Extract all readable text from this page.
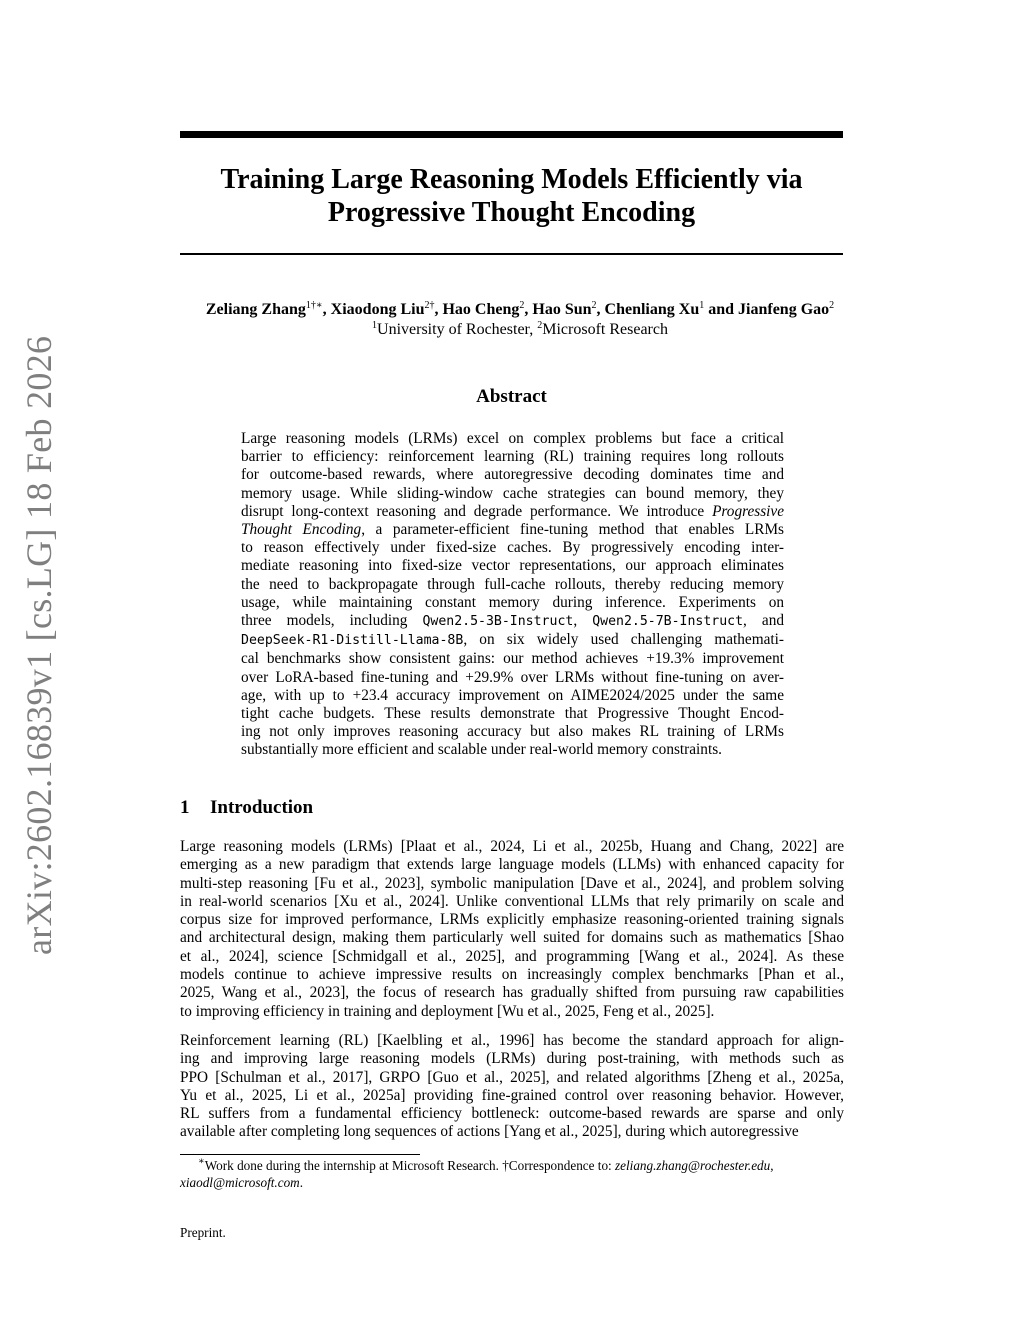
arXiv:2602.16839v1 [cs.LG] 18 Feb 2026
Training Large Reasoning Models Efficiently via
Progressive Thought Encoding
Zeliang Zhang$^{1\dagger∗}$, Xiaodong Liu$^{2\dagger}$, Hao Cheng$^2$, Hao Sun$^2$, Chenliang Xu$^1$ and Jianfeng Gao$^2$
$^1$University of Rochester, $^2$Microsoft Research
Abstract
Large reasoning models (LRMs) excel on complex problems but face a critical
barrier to efficiency: reinforcement learning (RL) training requires long rollouts
for outcome-based rewards, where autoregressive decoding dominates time and
memory usage. While sliding-window cache strategies can bound memory, they
disrupt long-context reasoning and degrade performance. We introduce Progressive
Thought Encoding, a parameter-efficient fine-tuning method that enables LRMs
to reason effectively under fixed-size caches. By progressively encoding inter-
mediate reasoning into fixed-size vector representations, our approach eliminates
the need to backpropagate through full-cache rollouts, thereby reducing memory
usage, while maintaining constant memory during inference. Experiments on
three models, including Qwen2.5-3B-Instruct, Qwen2.5-7B-Instruct, and
DeepSeek-R1-Distill-Llama-8B, on six widely used challenging mathemati-
cal benchmarks show consistent gains: our method achieves +19.3% improvement
over LoRA-based fine-tuning and +29.9% over LRMs without fine-tuning on aver-
age, with up to +23.4 accuracy improvement on AIME2024/2025 under the same
tight cache budgets. These results demonstrate that Progressive Thought Encod-
ing not only improves reasoning accuracy but also makes RL training of LRMs
substantially more efficient and scalable under real-world memory constraints.
1 Introduction
Large reasoning models (LRMs) [Plaat et al., 2024, Li et al., 2025b, Huang and Chang, 2022] are
emerging as a new paradigm that extends large language models (LLMs) with enhanced capacity for
multi-step reasoning [Fu et al., 2023], symbolic manipulation [Dave et al., 2024], and problem solving
in real-world scenarios [Xu et al., 2024]. Unlike conventional LLMs that rely primarily on scale and
corpus size for improved performance, LRMs explicitly emphasize reasoning-oriented training signals
and architectural design, making them particularly well suited for domains such as mathematics [Shao
et al., 2024], science [Schmidgall et al., 2025], and programming [Wang et al., 2024]. As these
models continue to achieve impressive results on increasingly complex benchmarks [Phan et al.,
2025, Wang et al., 2023], the focus of research has gradually shifted from pursuing raw capabilities
to improving efficiency in training and deployment [Wu et al., 2025, Feng et al., 2025].
Reinforcement learning (RL) [Kaelbling et al., 1996] has become the standard approach for align-
ing and improving large reasoning models (LRMs) during post-training, with methods such as
PPO [Schulman et al., 2017], GRPO [Guo et al., 2025], and related algorithms [Zheng et al., 2025a,
Yu et al., 2025, Li et al., 2025a] providing fine-grained control over reasoning behavior. However,
RL suffers from a fundamental efficiency bottleneck: outcome-based rewards are sparse and only
available after completing long sequences of actions [Yang et al., 2025], during which autoregressive
∗Work done during the internship at Microsoft Research. †Correspondence to: zeliang.zhang@rochester.edu,
xiaodl@microsoft.com.
Preprint.
